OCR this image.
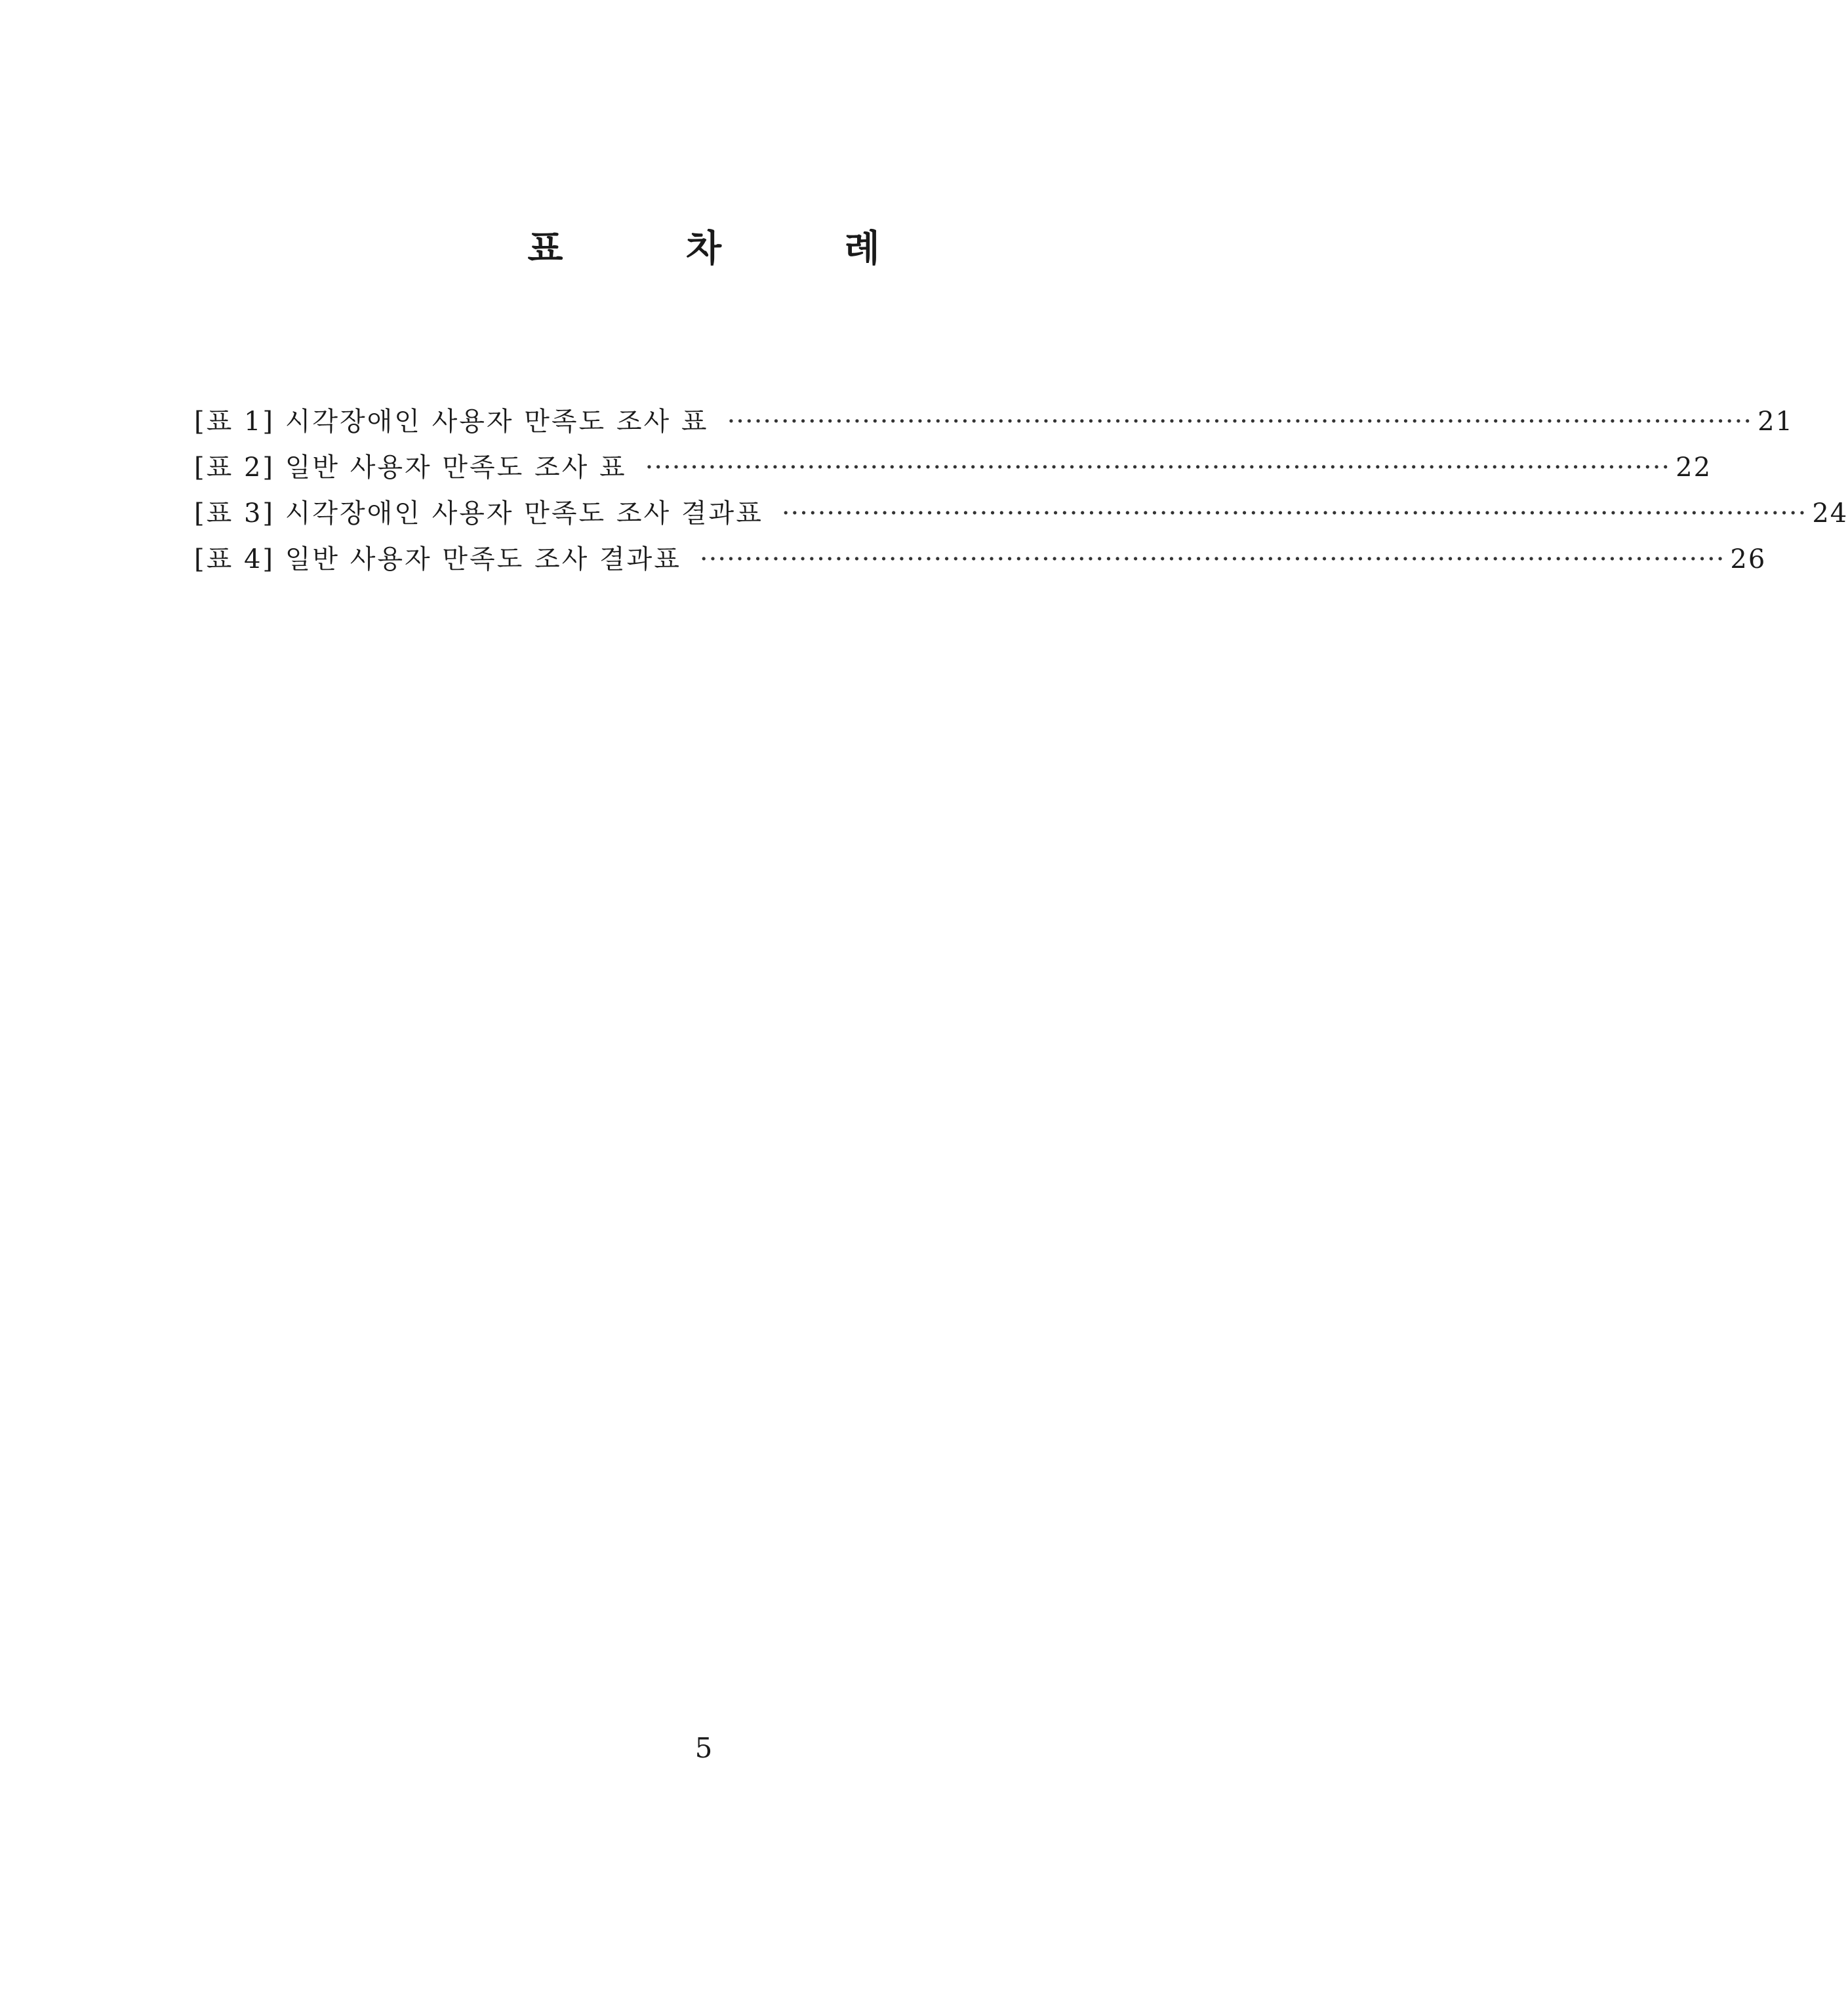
표	차	례
[표 1] 시각장애인 사용자 만족도 조사 표 ·················································································································· 21
[표 2] 일반 사용자 만족도 조사 표 ·················································································································· 22
[표 3] 시각장애인 사용자 만족도 조사 결과표 ·················································································································· 24
[표 4] 일반 사용자 만족도 조사 결과표 ·················································································································· 26
5
